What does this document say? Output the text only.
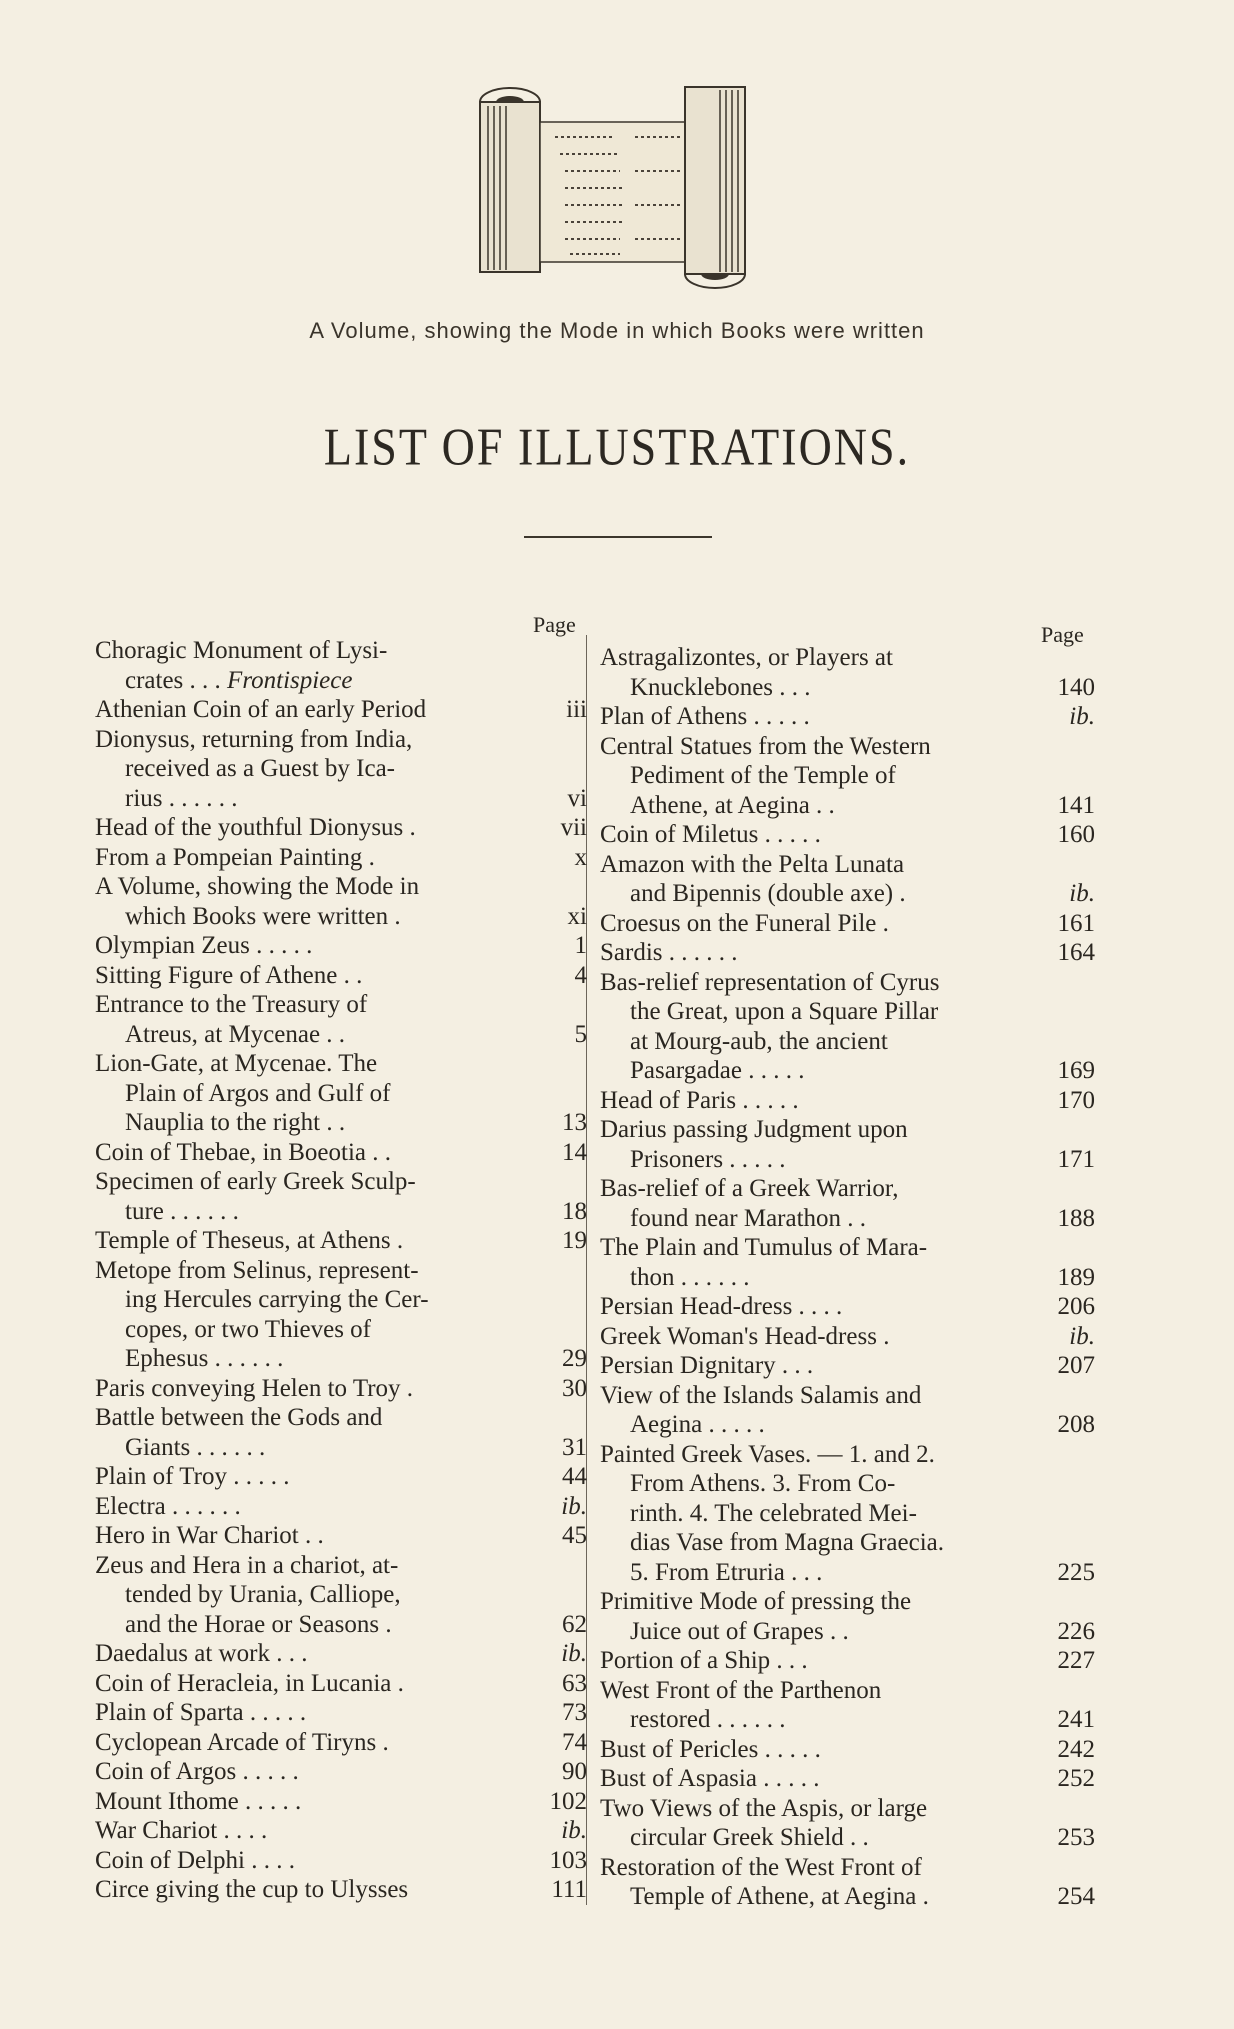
A Volume, showing the Mode in which Books were written
LIST OF ILLUSTRATIONS.
Page	Page
Choragic Monument of Lysi-
crates . . . Frontispiece
Athenian Coin of an early Period	iii
Dionysus, returning from India,
received as a Guest by Ica-
rius . . . . . .	vi
Head of the youthful Dionysus .	vii
From a Pompeian Painting .	x
A Volume, showing the Mode in
which Books were written .	xi
Olympian Zeus . . . . .	1
Sitting Figure of Athene . .	4
Entrance to the Treasury of
Atreus, at Mycenae . .	5
Lion-Gate, at Mycenae. The
Plain of Argos and Gulf of
Nauplia to the right . .	13
Coin of Thebae, in Boeotia . .	14
Specimen of early Greek Sculp-
ture . . . . . .	18
Temple of Theseus, at Athens .	19
Metope from Selinus, represent-
ing Hercules carrying the Cer-
copes, or two Thieves of
Ephesus . . . . . .	29
Paris conveying Helen to Troy .	30
Battle between the Gods and
Giants . . . . . .	31
Plain of Troy . . . . .	44
Electra . . . . . .	ib.
Hero in War Chariot . .	45
Zeus and Hera in a chariot, at-
tended by Urania, Calliope,
and the Horae or Seasons .	62
Daedalus at work . . .	ib.
Coin of Heracleia, in Lucania .	63
Plain of Sparta . . . . .	73
Cyclopean Arcade of Tiryns .	74
Coin of Argos . . . . .	90
Mount Ithome . . . . .	102
War Chariot . . . .	ib.
Coin of Delphi . . . .	103
Circe giving the cup to Ulysses	111
Astragalizontes, or Players at
Knucklebones . . .	140
Plan of Athens . . . . .	ib.
Central Statues from the Western
Pediment of the Temple of
Athene, at Aegina . .	141
Coin of Miletus . . . . .	160
Amazon with the Pelta Lunata
and Bipennis (double axe) .	ib.
Croesus on the Funeral Pile .	161
Sardis . . . . . .	164
Bas-relief representation of Cyrus
the Great, upon a Square Pillar
at Mourg-aub, the ancient
Pasargadae . . . . .	169
Head of Paris . . . . .	170
Darius passing Judgment upon
Prisoners . . . . .	171
Bas-relief of a Greek Warrior,
found near Marathon . .	188
The Plain and Tumulus of Mara-
thon . . . . . .	189
Persian Head-dress . . . .	206
Greek Woman's Head-dress .	ib.
Persian Dignitary . . .	207
View of the Islands Salamis and
Aegina . . . . .	208
Painted Greek Vases. — 1. and 2.
From Athens. 3. From Co-
rinth. 4. The celebrated Mei-
dias Vase from Magna Graecia.
5. From Etruria . . .	225
Primitive Mode of pressing the
Juice out of Grapes . .	226
Portion of a Ship . . .	227
West Front of the Parthenon
restored . . . . . .	241
Bust of Pericles . . . . .	242
Bust of Aspasia . . . . .	252
Two Views of the Aspis, or large
circular Greek Shield . .	253
Restoration of the West Front of
Temple of Athene, at Aegina .	254
